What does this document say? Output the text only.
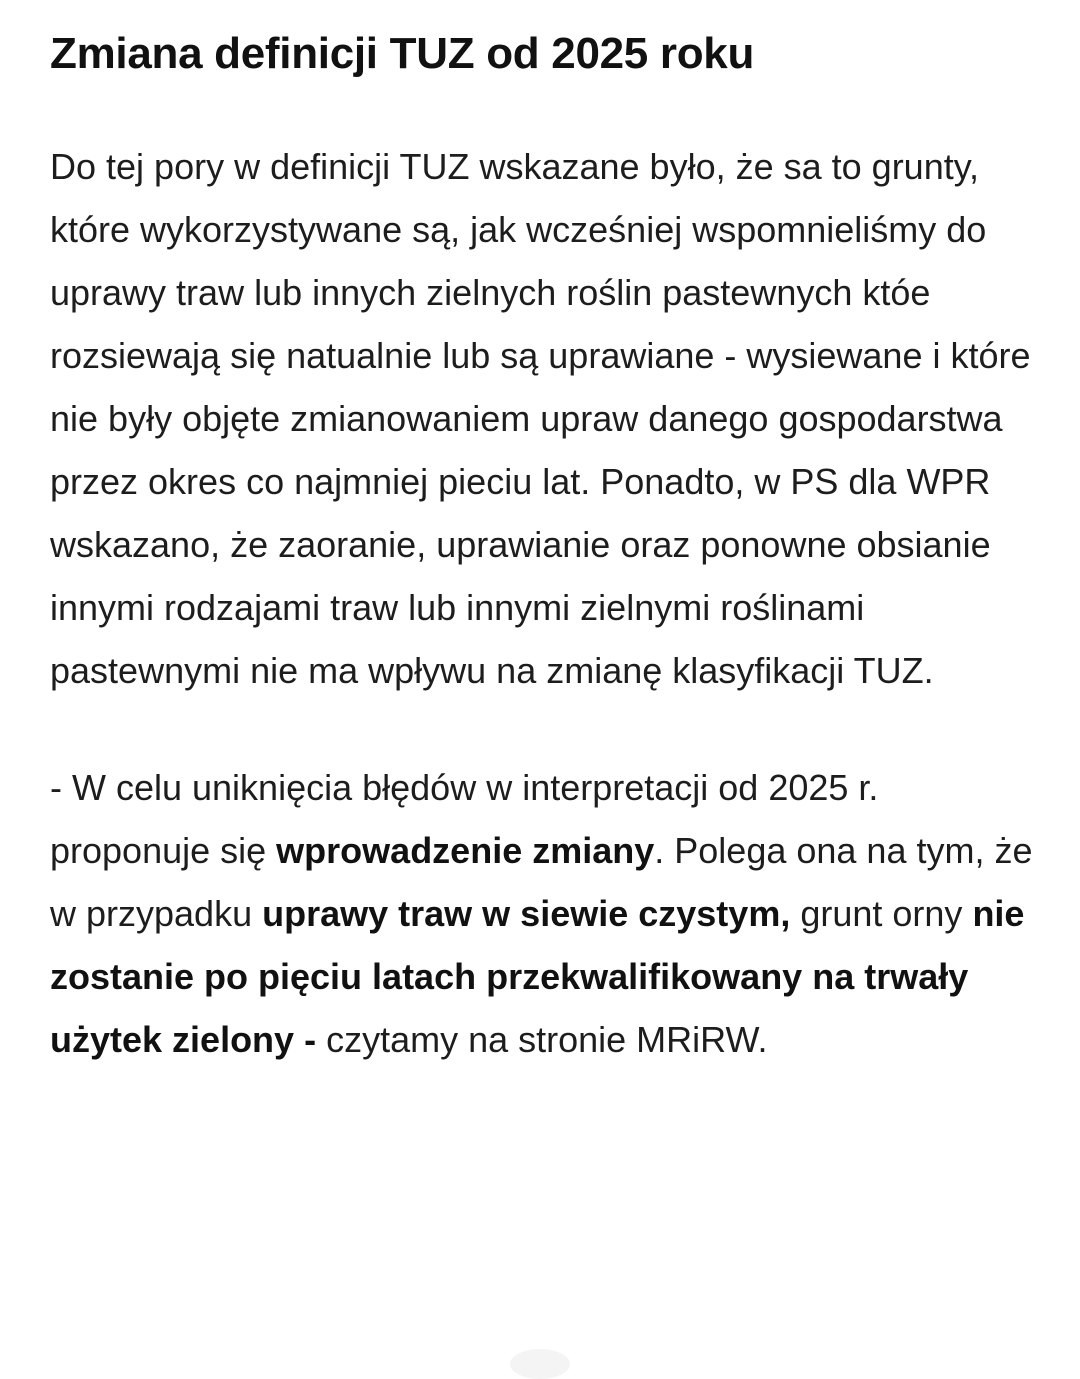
Zmiana definicji TUZ od 2025 roku

Do tej pory w definicji TUZ wskazane było, że sa to grunty, które wykorzystywane są, jak wcześniej wspomnieliśmy do uprawy traw lub innych zielnych roślin pastewnych któe rozsiewają się natualnie lub są uprawiane - wysiewane i które nie były objęte zmianowaniem upraw danego gospodarstwa przez okres co najmniej pieciu lat. Ponadto, w PS dla WPR wskazano, że zaoranie, uprawianie oraz ponowne obsianie innymi rodzajami traw lub innymi zielnymi roślinami pastewnymi nie ma wpływu na zmianę klasyfikacji TUZ.

- W celu uniknięcia błędów w interpretacji od 2025 r. proponuje się wprowadzenie zmiany. Polega ona na tym, że w przypadku uprawy traw w siewie czystym, grunt orny nie zostanie po pięciu latach przekwalifikowany na trwały użytek zielony - czytamy na stronie MRiRW.
